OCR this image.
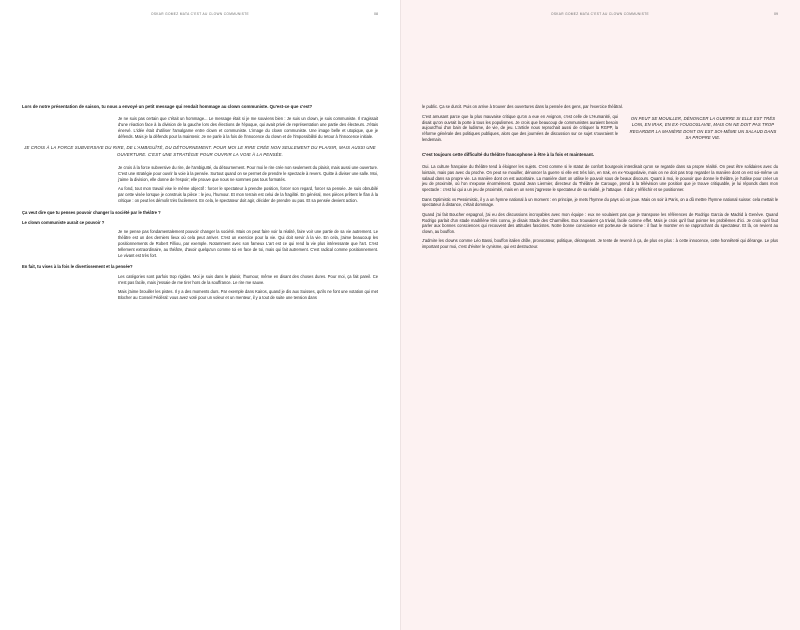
OSKAR GOMEZ MATA C'EST AU CLOWN COMMUNISTE	08

Lors de notre présentation de saison, tu nous a envoyé un petit message qui rendait hommage au clown communiste. Qu'est-ce que c'est?

Je ne suis pas certain que c'était un hommage... Le message était si je me souviens bien : Je suis un clown, je suis communiste. Il s'agissait d'une réaction face à la division de la gauche lors des élections de l'époque, qui avait privé de représentation une partie des électeurs. J'étais énervé. L'idée était d'utiliser l'amalgame entre clown et communiste. L'image du clown communiste. Une image belle et utopique, que je défends. Mais je la défends pour la maintenir. Je ne parle à la fois de l'innocence du clown et de l'impossibilité du retour à l'innocence initiale.

JE CROIS À LA FORCE SUBVERSIVE DU RIRE, DE L'AMBIGUÏTÉ, DU DÉTOURNEMENT. POUR MOI LE RIRE CRÉE NON SEULEMENT DU PLAISIR, MAIS AUSSI UNE OUVERTURE. C'EST UNE STRATÉGIE POUR OUVRIR LA VOIE À LA PENSÉE.

Je crois à la force subversive du rire, de l'ambiguïté, du détournement. Pour moi le rire crée non seulement du plaisir, mais aussi une ouverture. C'est une stratégie pour ouvrir la voie à la pensée. Surtout quand on se permet de prendre le spectacle à revers. Quitte à diviser une salle. Moi, j'aime la division, elle donne de l'espoir; elle prouve que nous ne sommes pas tous formatés.

Au fond, tout mon travail vise le même objectif : forcer le spectateur à prendre position, forcer son regard, forcer sa pensée. Je suis obnubilé par cette visée lorsque je construis la pièce : le jeu, l'humour. Et mon terrain est celui de la fragilité. En général, mes pièces prêtent le flan à la critique : on peut les démolir très facilement. En cela, le spectateur doit agir, décider de prendre ou pas. Et sa pensée devient action.

Ça veut dire que tu penses pouvoir changer la société par le théâtre ?

Le clown communiste aurait ce pouvoir ?

Je ne pense pas fondamentalement pouvoir changer la société. Mais on peut faire voir la réalité, faire voir une partie de sa vie autrement. Le théâtre est un des derniers lieux où cela peut arriver. C'est un exercice pour la vie. Qui doit servir à la vie. En cela, j'aime beaucoup les positionnements de Robert Filliou, par exemple. Notamment avec son fameux L'art est ce qui rend la vie plus intéressante que l'art. C'est tellement extraordinaire, au théâtre, d'avoir quelqu'un comme toi en face de toi, mais qui fait autrement. C'est radical comme positionnement. Le vivant est très fort.

En fait, tu vises à la fois le divertissement et la pensée?

Les catégories sont parfois trop rigides. Moi je suis dans le plaisir, l'humour, même en disant des choses dures. Pour moi, ça fait pareil. Ce n'est pas facile, mais j'essaie de me tirer hors de la souffrance. Le rire me sauve.

Mais j'aime brouiller les pistes. Il y a des moments durs. Par exemple dans Kairos, quand je dis aux Suisses, qu'ils ne font une votation qui met Blocher au Conseil Fédéral: vous avez voté pour un voleur et un menteur, il y a tout de suite une tension dans

OSKAR GOMEZ MATA C'EST AU CLOWN COMMUNISTE	09

le public. Ça se durcit. Puis on arrive à trouver des ouvertures dans la pensée des gens, par l'exercice théâtral.

ON PEUT SE MOUILLER, DÉNONCER LA GUERRE SI ELLE EST TRÈS LOIN, EN IRAK, EN EX-YOUGOSLAVIE, MAIS ON NE DOIT PAS TROP REGARDER LA MANIÈRE DONT ON EST SOI-MÊME UN SALAUD DANS SA PROPRE VIE.

C'est amusant parce que la plus mauvaise critique qu'on a eue en Avignon, c'est celle de L'Humanité, qui disait qu'on ouvrait la porte à tous les populismes. Je crois que beaucoup de communistes auraient besoin aujourd'hui d'un bain de ludisme, de vie, de jeu. L'article nous reprochait aussi de critiquer la RGPP, la réforme générale des politiques publiques, alors que des journées de discussion sur ce sujet s'ouvraient le lendemain.

C'est toujours cette difficulté du théâtre francophone à être à la fois et maintenant.

Oui. La culture française du théâtre tend à éloigner les sujets. C'est comme si le statut de confort bourgeois interdisait qu'on se regarde dans sa propre réalité. On peut être solidaires avec du lointain, mais pas avec du proche. On peut se mouiller, dénoncer la guerre si elle est très loin, en Irak, en ex-Yougoslavie, mais on ne doit pas trop regarder la manière dont on est soi-même un salaud dans sa propre vie. La manière dont on est autoritaire. La manière dont on utilise le pouvoir sous de beaux discours. Quant à moi, le pouvoir que donne le théâtre, je l'utilise pour créer un jeu de proximité, où l'on s'expose énormément. Quand Jean Liermier, directeur du Théâtre de Carouge, prend à la télévision une position que je trouve critiquable, je lui réponds dans mon spectacle : c'est lui qui a un jeu de proximité, mais en un sens j'agresse le spectateur de sa réalité, je l'attaque. Il doit y réfléchir et se positionner.

Dans Optimistic vs Pessimistic, il y a un hymne national à un moment : en principe, je mets l'hymne du pays où on joue. Mais on soir à Paris, on a dû mettre l'hymne national suisse: cela mettait le spectateur à distance, c'était dommage.

Quand j'ai fait Boucher espagnol, j'ai eu des discussions incroyables avec mon équipe : eux ne voulaient pas que je transpose les références de Rodrigo Garcia de Madrid à Genève. Quand Rodrigo parlait d'un stade madrilène très connu, je disais Stade des Charmilles. Eux trouvaient ça trivial, facile comme effet. Mais je crois qu'il faut pointer les problèmes d'ici. Je crois qu'il faut parler aux bonnes consciences qui recouvent des attitudes fascistes. Notre bonne conscience est porteuse de racisme : il faut le montrer en se rapprochant du spectateur. Et là, on revient au clown, au bouffon.

J'admire les clowns comme Léo Bassi, bouffon italien drôle, provocateur, politique, dérangeant. Je tente de revenir à ça, de plus en plus : à cette innocence, cette honnêteté qui dérange. Le plus important pour moi, c'est d'éviter le cynisme, qui est destructeur.
